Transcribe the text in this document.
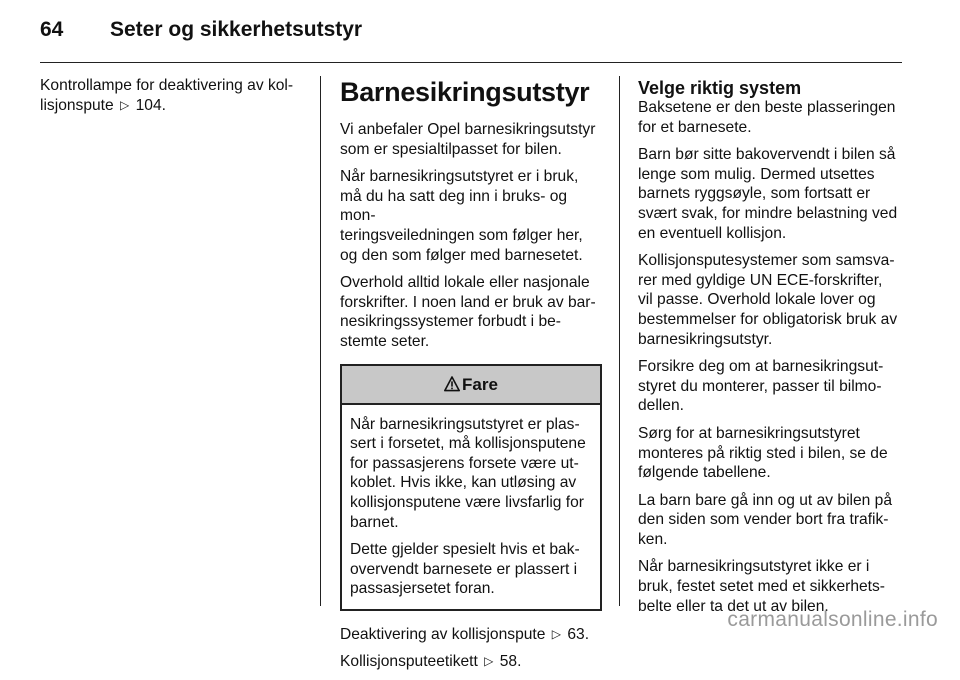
64 Seter og sikkerhetsutstyr

Kontrollampe for deaktivering av kol-
lisjonspute ▷ 104.	Barnesikringsutstyr

Vi anbefaler Opel barnesikringsutstyr
som er spesialtilpasset for bilen.

Når barnesikringsutstyret er i bruk,
må du ha satt deg inn i bruks- og mon-
teringsveiledningen som følger her,
og den som følger med barnesetet.

Overhold alltid lokale eller nasjonale
forskrifter. I noen land er bruk av bar-
nesikringssystemer forbudt i be-
stemte seter.

Fare

Når barnesikringsutstyret er plas-
sert i forsetet, må kollisjonsputene
for passasjerens forsete være ut-
koblet. Hvis ikke, kan utløsing av
kollisjonsputene være livsfarlig for
barnet.

Dette gjelder spesielt hvis et bak-
overvendt barnesete er plassert i
passasjersetet foran.

Deaktivering av kollisjonspute ▷ 63.

Kollisjonsputeetikett ▷ 58.

Velge riktig system

Baksetene er den beste plasseringen
for et barnesete.

Barn bør sitte bakovervendt i bilen så
lenge som mulig. Dermed utsettes
barnets ryggsøyle, som fortsatt er
svært svak, for mindre belastning ved
en eventuell kollisjon.

Kollisjonsputesystemer som samsva-
rer med gyldige UN ECE-forskrifter,
vil passe. Overhold lokale lover og
bestemmelser for obligatorisk bruk av
barnesikringsutstyr.

Forsikre deg om at barnesikringsut-
styret du monterer, passer til bilmo-
dellen.

Sørg for at barnesikringsutstyret
monteres på riktig sted i bilen, se de
følgende tabellene.

La barn bare gå inn og ut av bilen på
den siden som vender bort fra trafik-
ken.

Når barnesikringsutstyret ikke er i
bruk, festet setet med et sikkerhets-
belte eller ta det ut av bilen.

carmanualsonline.info
